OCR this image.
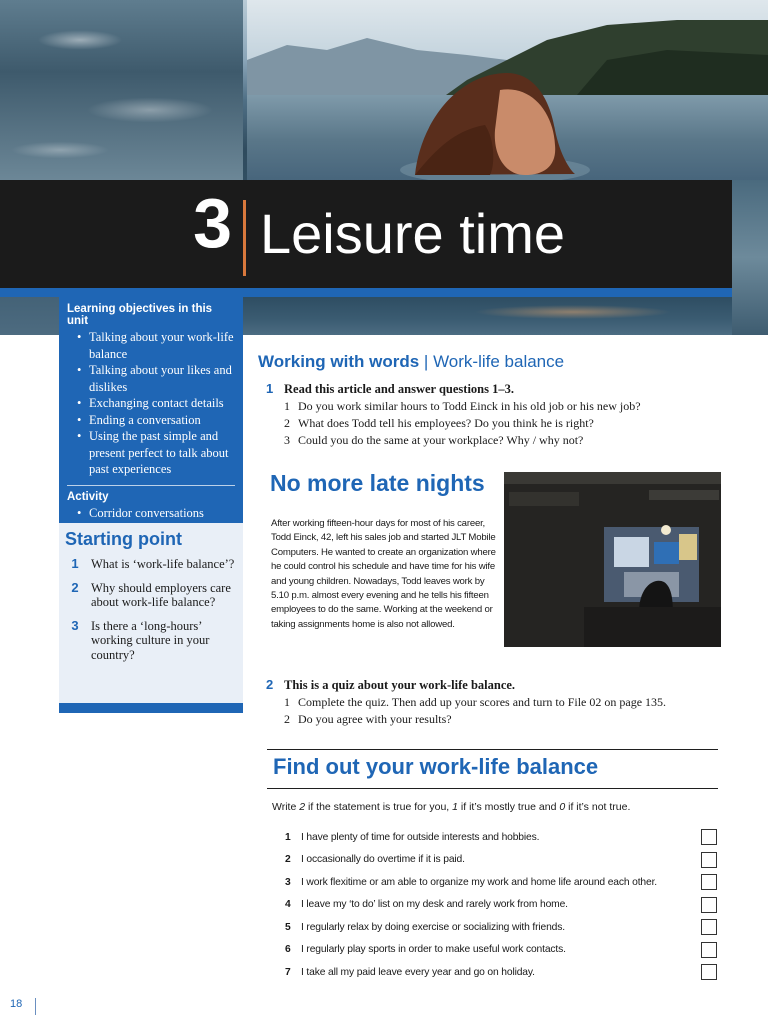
3 Leisure time
Learning objectives in this unit
• Talking about your work-life balance
• Talking about your likes and dislikes
• Exchanging contact details
• Ending a conversation
• Using the past simple and present perfect to talk about past experiences
Activity
• Corridor conversations
Starting point
1 What is ‘work-life balance’?
2 Why should employers care about work-life balance?
3 Is there a ‘long-hours’ working culture in your country?
Working with words | Work-life balance
1 Read this article and answer questions 1–3.
1 Do you work similar hours to Todd Einck in his old job or his new job?
2 What does Todd tell his employees? Do you think he is right?
3 Could you do the same at your workplace? Why / why not?
No more late nights
After working fifteen-hour days for most of his career, Todd Einck, 42, left his sales job and started JLT Mobile Computers. He wanted to create an organization where he could control his schedule and have time for his wife and young children. Nowadays, Todd leaves work by 5.10 p.m. almost every evening and he tells his fifteen employees to do the same. Working at the weekend or taking assignments home is also not allowed.
2 This is a quiz about your work-life balance.
1 Complete the quiz. Then add up your scores and turn to File 02 on page 135.
2 Do you agree with your results?
Find out your work-life balance
Write 2 if the statement is true for you, 1 if it’s mostly true and 0 if it’s not true.
1	I have plenty of time for outside interests and hobbies.
2	I occasionally do overtime if it is paid.
3	I work flexitime or am able to organize my work and home life around each other.
4	I leave my ‘to do’ list on my desk and rarely work from home.
5	I regularly relax by doing exercise or socializing with friends.
6	I regularly play sports in order to make useful work contacts.
7	I take all my paid leave every year and go on holiday.
18
